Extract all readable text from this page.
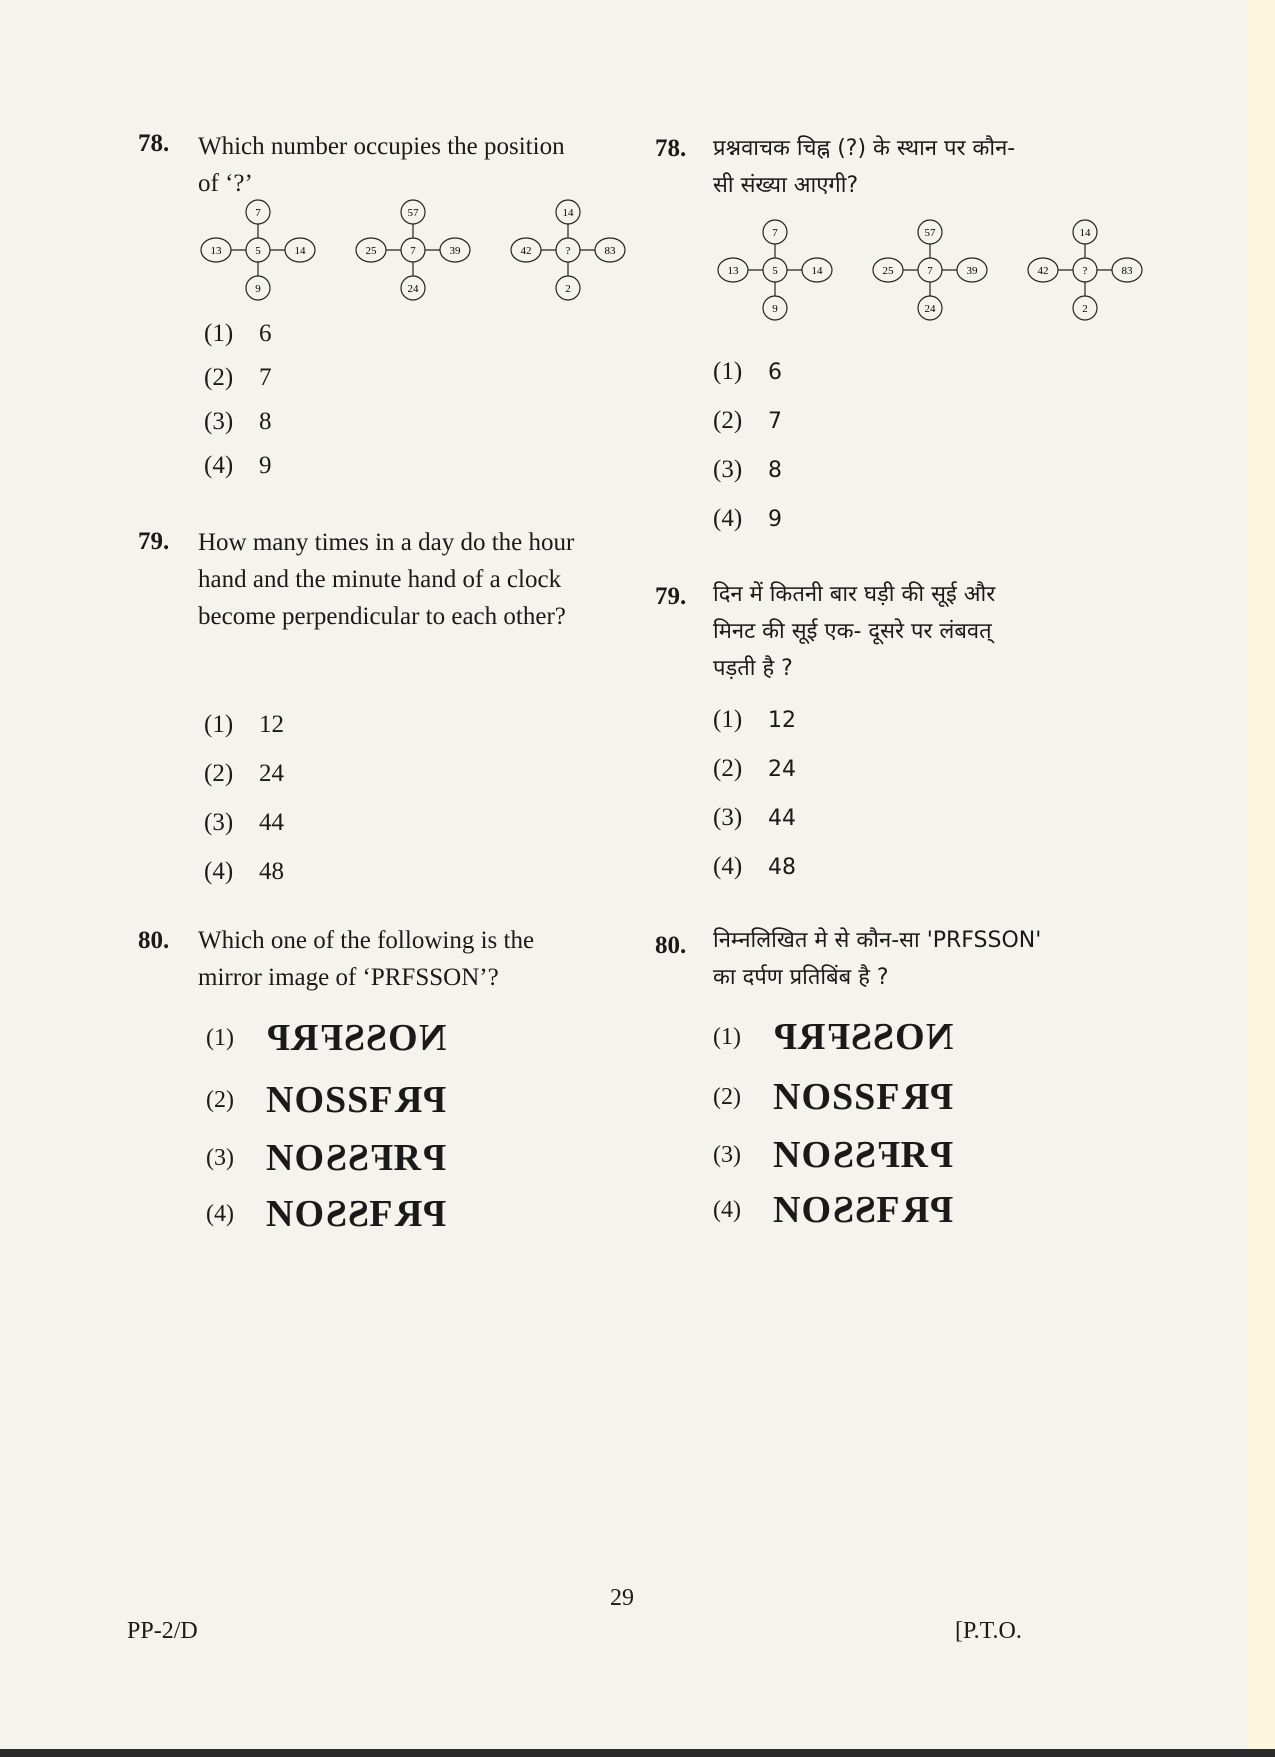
78. Which number occupies the position
of ‘?’
7
9
13	14
5
57
24
25	39
7
14
2
42	83
?
(1) 6
(2) 7
(3) 8
(4) 9
79. How many times in a day do the hour
hand and the minute hand of a clock
become perpendicular to each other?
(1) 12
(2) 24
(3) 44
(4) 48
80. Which one of the following is the
mirror image of ‘PRFSSON’?
(1) PRFSSON
(2) NOSSFRP
(3) NOSSFRP
(4) NOSSFRP
78. प्रश्नवाचक चिह्न (?) के स्थान पर कौन-
सी संख्या आएगी?
7
9
13	14
5
57
24
25	39
7
14
2
42	83
?
(1) 6
(2) 7
(3) 8
(4) 9
79. दिन में कितनी बार घड़ी की सूई और
मिनट की सूई एक- दूसरे पर लंबवत्
पड़ती है ?
(1) 12
(2) 24
(3) 44
(4) 48
80. निम्नलिखित मे से कौन-सा 'PRFSSON'
का दर्पण प्रतिबिंब है ?
(1) PRFSSON
(2) NOSSFRP
(3) NOSSFRP
(4) NOSSFRP
29
PP-2/D	[P.T.O.
